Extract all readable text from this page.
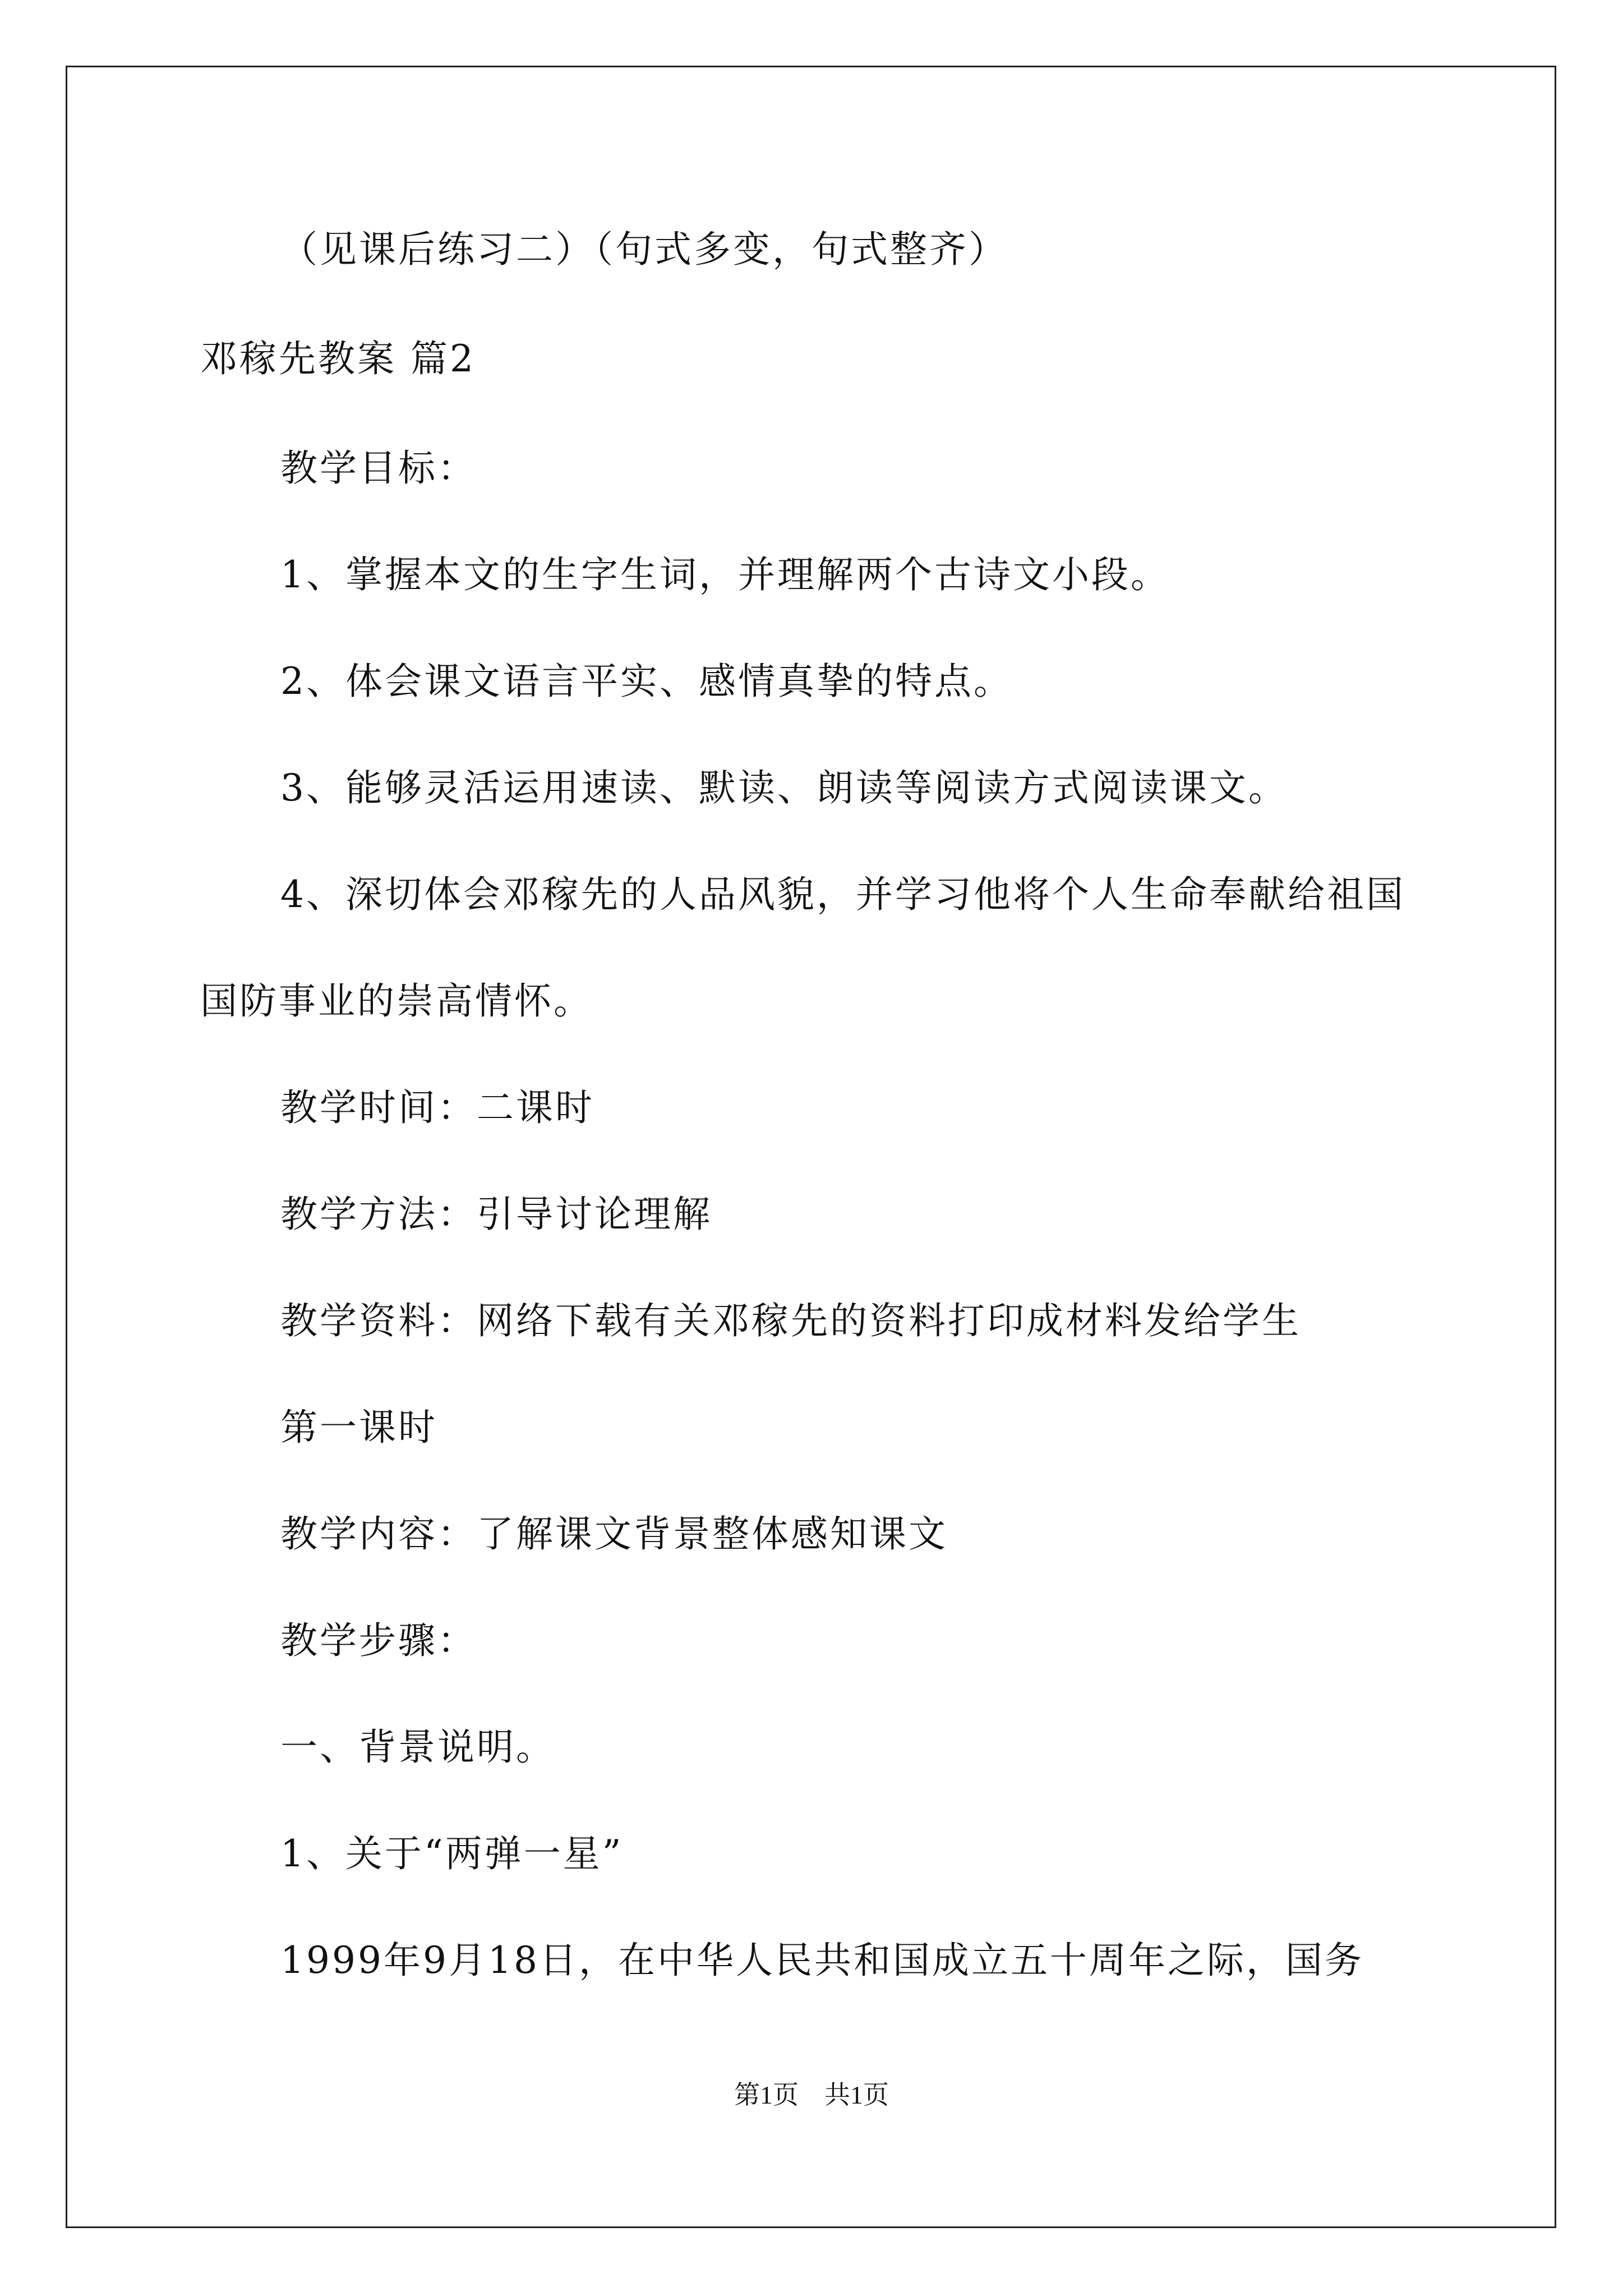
（见课后练习二）（句式多变，句式整齐）
邓稼先教案 篇2
教学目标：
1、掌握本文的生字生词，并理解两个古诗文小段。
2、体会课文语言平实、感情真挚的特点。
3、能够灵活运用速读、默读、朗读等阅读方式阅读课文。
4、深切体会邓稼先的人品风貌，并学习他将个人生命奉献给祖国
国防事业的崇高情怀。
教学时间：二课时
教学方法：引导讨论理解
教学资料：网络下载有关邓稼先的资料打印成材料发给学生
第一课时
教学内容：了解课文背景整体感知课文
教学步骤：
一、背景说明。
1、关于“两弹一星”
1999年9月18日，在中华人民共和国成立五十周年之际，国务
第1页　共1页
